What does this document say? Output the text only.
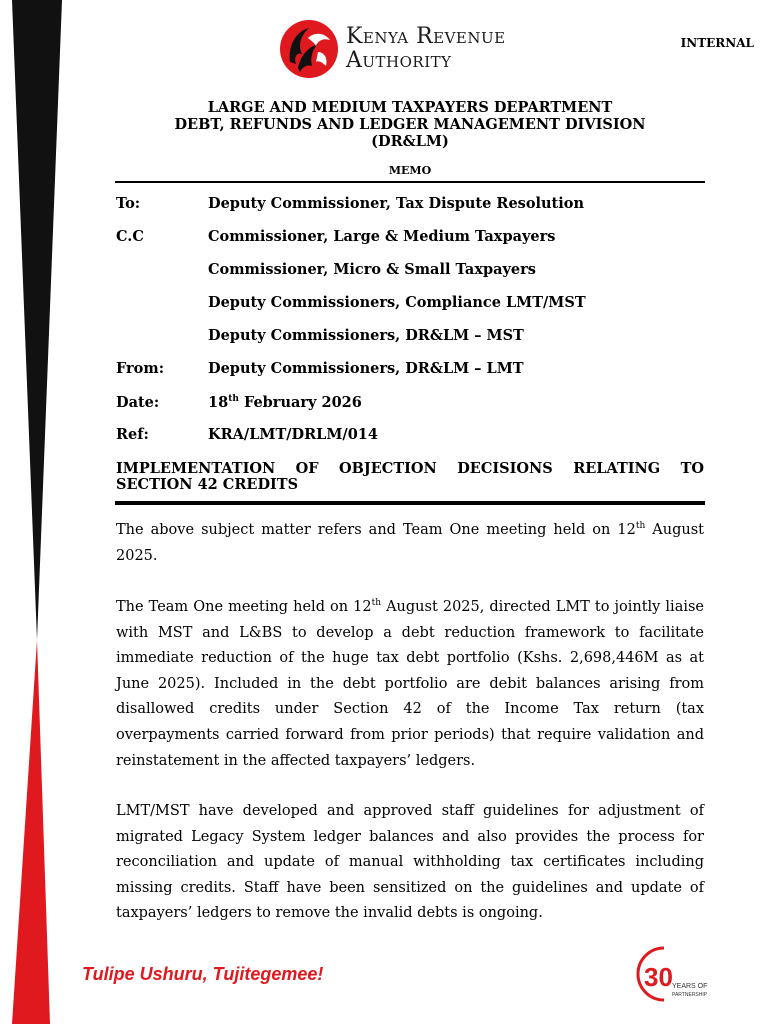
Kenya Revenue
Authority
INTERNAL
LARGE AND MEDIUM TAXPAYERS DEPARTMENT
DEBT, REFUNDS AND LEDGER MANAGEMENT DIVISION
(DR&LM)
MEMO
To:	Deputy Commissioner, Tax Dispute Resolution
C.C	Commissioner, Large & Medium Taxpayers
Commissioner, Micro & Small Taxpayers
Deputy Commissioners, Compliance LMT/MST
Deputy Commissioners, DR&LM – MST
From:	Deputy Commissioners, DR&LM – LMT
Date:	18th February 2026
Ref:	KRA/LMT/DRLM/014
IMPLEMENTATION OF OBJECTION DECISIONS RELATING TO SECTION 42 CREDITS
The above subject matter refers and Team One meeting held on 12th August 2025.
The Team One meeting held on 12th August 2025, directed LMT to jointly liaise with MST and L&BS to develop a debt reduction framework to facilitate immediate reduction of the huge tax debt portfolio (Kshs. 2,698,446M as at June 2025). Included in the debt portfolio are debit balances arising from disallowed credits under Section 42 of the Income Tax return (tax overpayments carried forward from prior periods) that require validation and reinstatement in the affected taxpayers’ ledgers.
LMT/MST have developed and approved staff guidelines for adjustment of migrated Legacy System ledger balances and also provides the process for reconciliation and update of manual withholding tax certificates including missing credits. Staff have been sensitized on the guidelines and update of taxpayers’ ledgers to remove the invalid debts is ongoing.
Tulipe Ushuru, Tujitegemee!	30 YEARS OF
PARTNERSHIP
